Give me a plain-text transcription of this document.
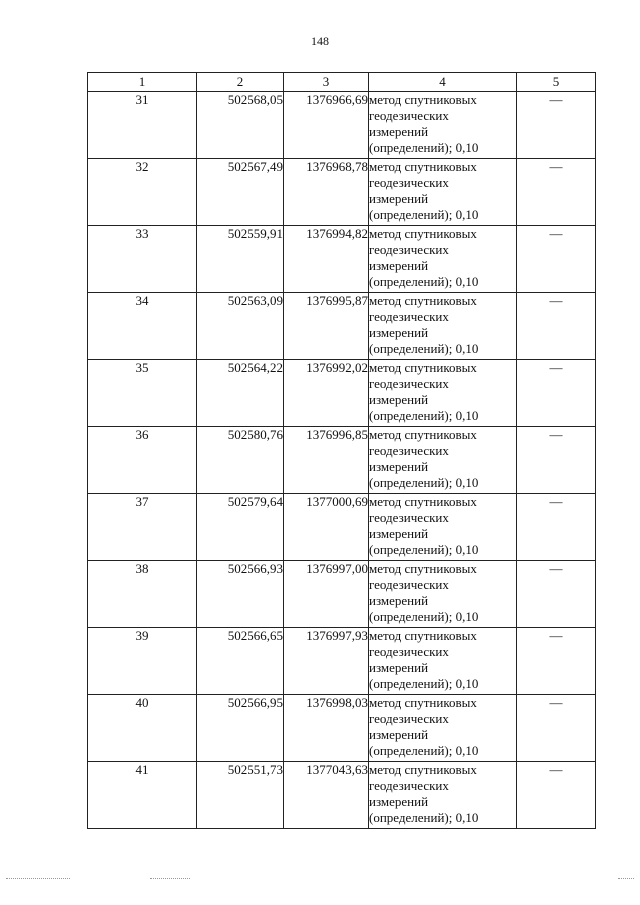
148
1	2	3	4	5
31	502568,05	1376966,69	метод спутниковых
геодезических
измерений
(определений); 0,10	—
32	502567,49	1376968,78	метод спутниковых
геодезических
измерений
(определений); 0,10	—
33	502559,91	1376994,82	метод спутниковых
геодезических
измерений
(определений); 0,10	—
34	502563,09	1376995,87	метод спутниковых
геодезических
измерений
(определений); 0,10	—
35	502564,22	1376992,02	метод спутниковых
геодезических
измерений
(определений); 0,10	—
36	502580,76	1376996,85	метод спутниковых
геодезических
измерений
(определений); 0,10	—
37	502579,64	1377000,69	метод спутниковых
геодезических
измерений
(определений); 0,10	—
38	502566,93	1376997,00	метод спутниковых
геодезических
измерений
(определений); 0,10	—
39	502566,65	1376997,93	метод спутниковых
геодезических
измерений
(определений); 0,10	—
40	502566,95	1376998,03	метод спутниковых
геодезических
измерений
(определений); 0,10	—
41	502551,73	1377043,63	метод спутниковых
геодезических
измерений
(определений); 0,10	—
